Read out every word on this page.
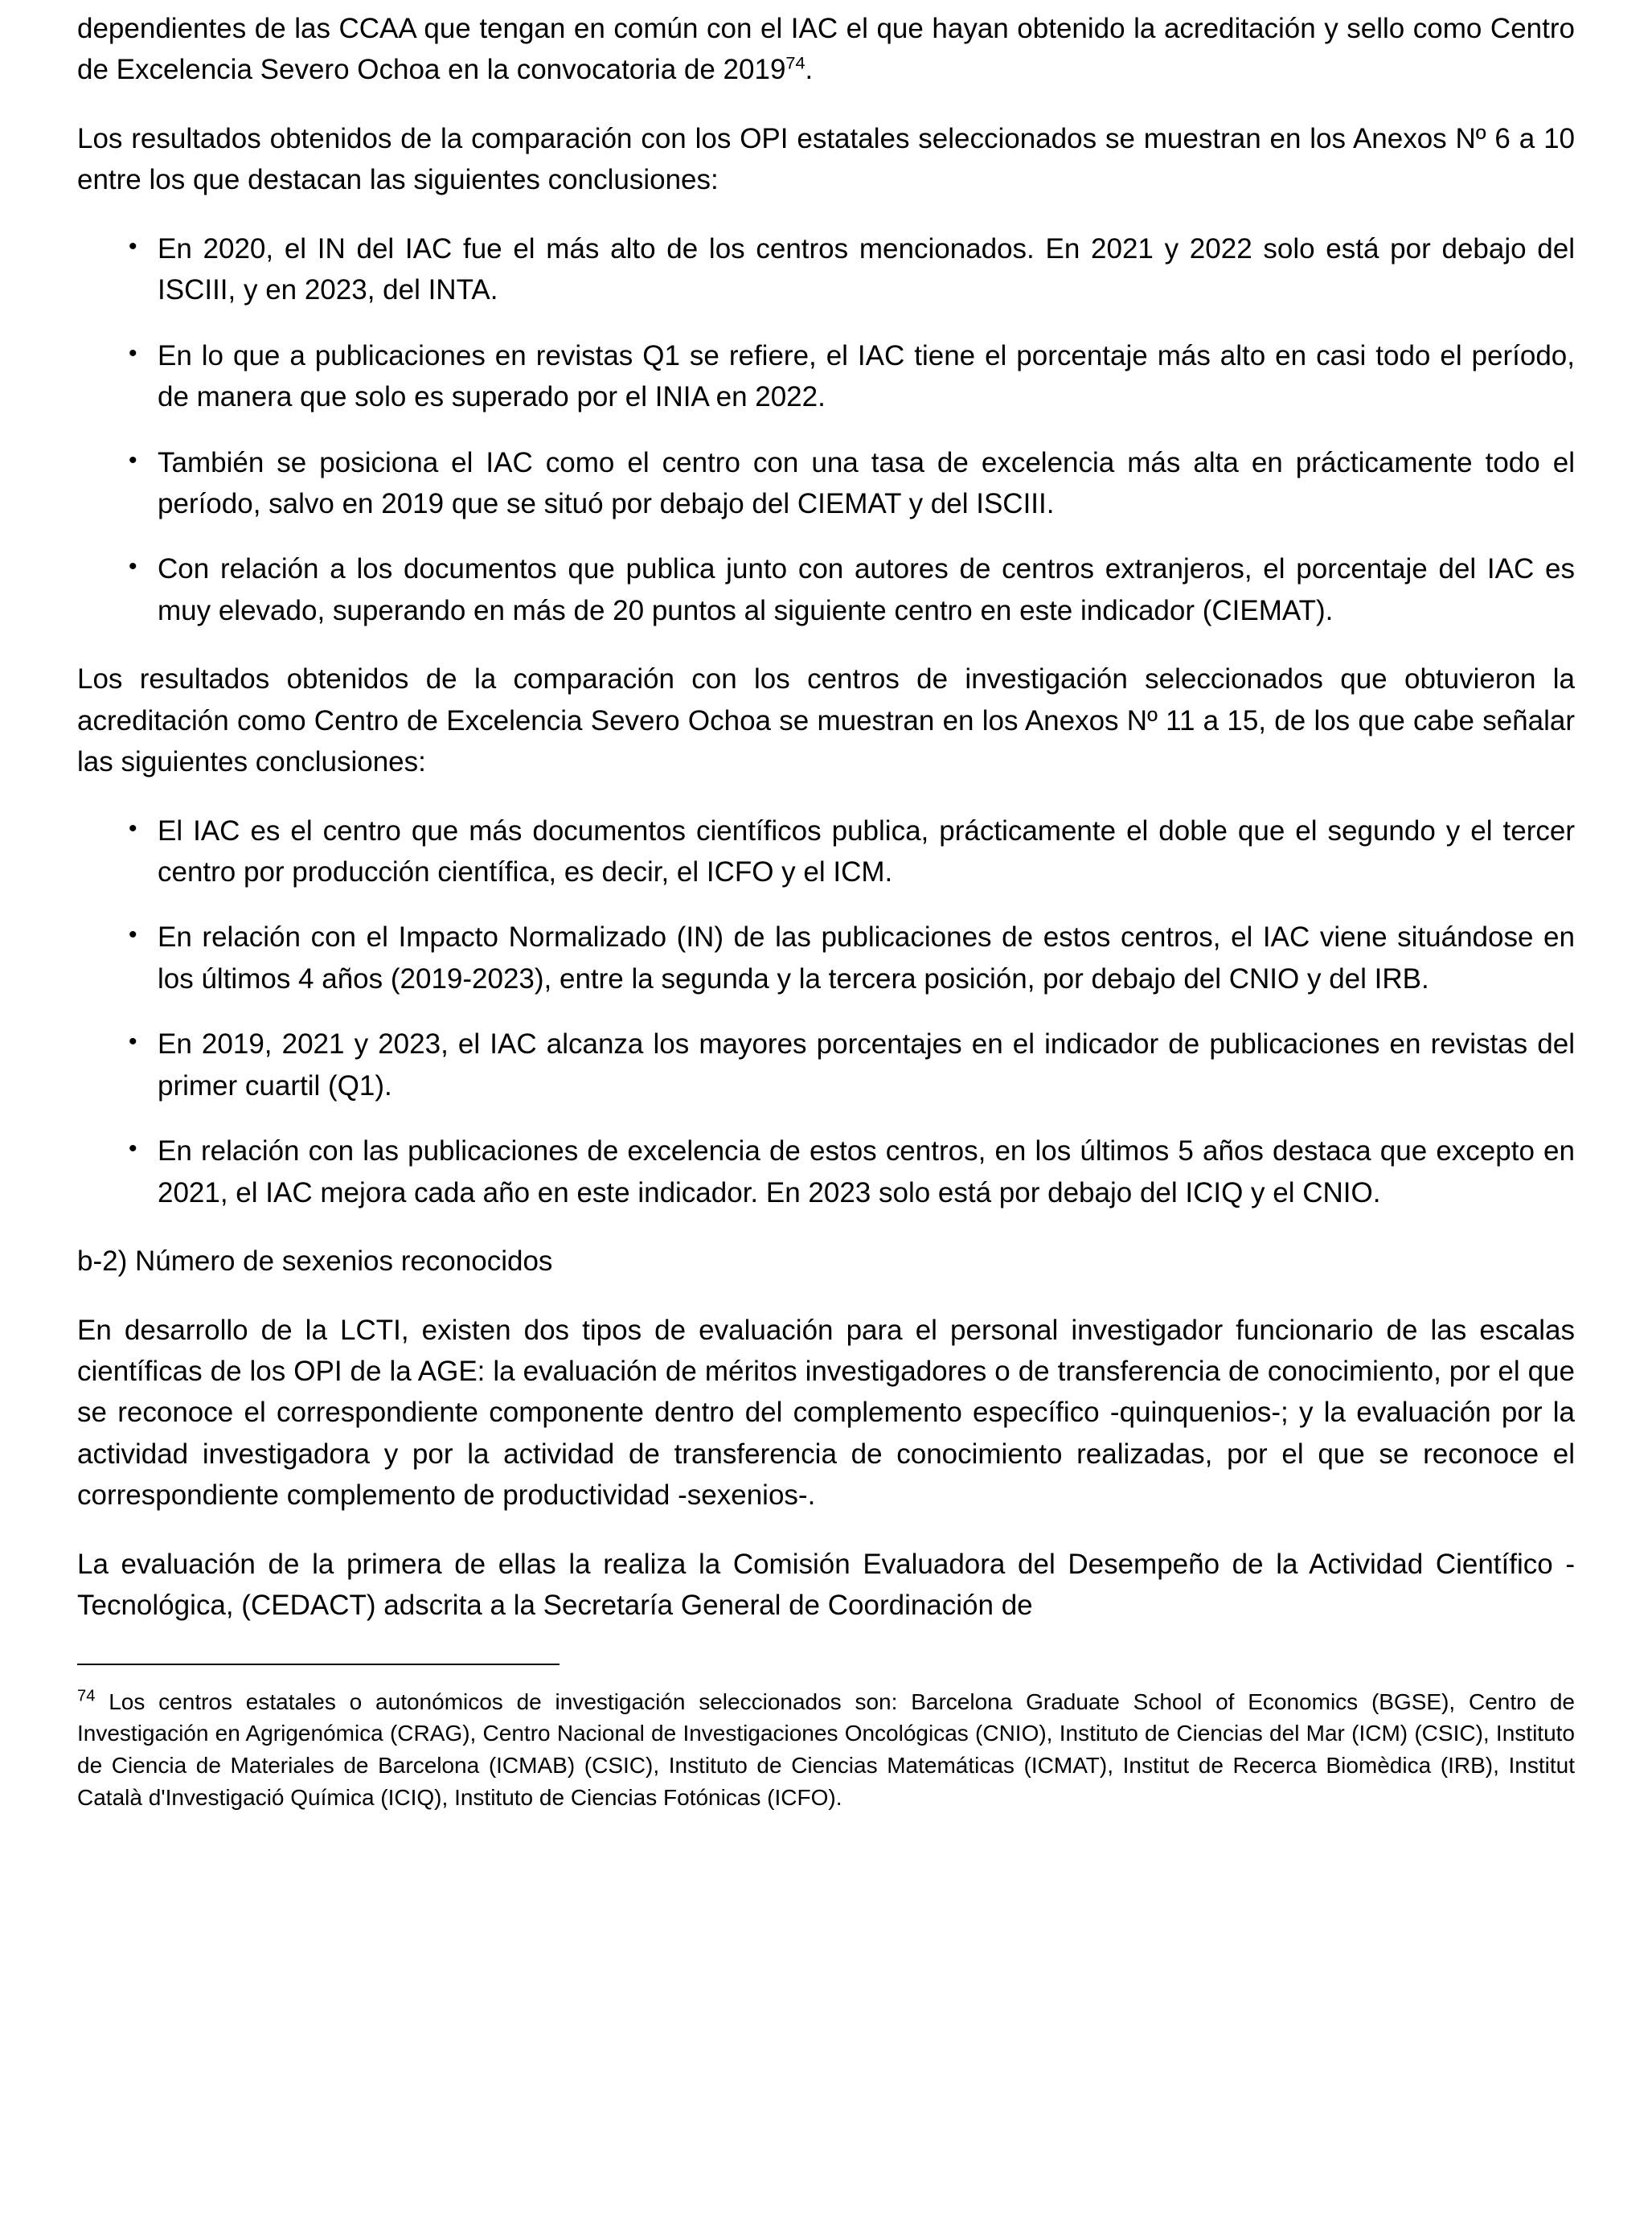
dependientes de las CCAA que tengan en común con el IAC el que hayan obtenido la acreditación y sello como Centro de Excelencia Severo Ochoa en la convocatoria de 2019$^{74}$.

Los resultados obtenidos de la comparación con los OPI estatales seleccionados se muestran en los Anexos Nº 6 a 10 entre los que destacan las siguientes conclusiones:

• En 2020, el IN del IAC fue el más alto de los centros mencionados. En 2021 y 2022 solo está por debajo del ISCIII, y en 2023, del INTA.
• En lo que a publicaciones en revistas Q1 se refiere, el IAC tiene el porcentaje más alto en casi todo el período, de manera que solo es superado por el INIA en 2022.
• También se posiciona el IAC como el centro con una tasa de excelencia más alta en prácticamente todo el período, salvo en 2019 que se situó por debajo del CIEMAT y del ISCIII.
• Con relación a los documentos que publica junto con autores de centros extranjeros, el porcentaje del IAC es muy elevado, superando en más de 20 puntos al siguiente centro en este indicador (CIEMAT).

Los resultados obtenidos de la comparación con los centros de investigación seleccionados que obtuvieron la acreditación como Centro de Excelencia Severo Ochoa se muestran en los Anexos Nº 11 a 15, de los que cabe señalar las siguientes conclusiones:

• El IAC es el centro que más documentos científicos publica, prácticamente el doble que el segundo y el tercer centro por producción científica, es decir, el ICFO y el ICM.
• En relación con el Impacto Normalizado (IN) de las publicaciones de estos centros, el IAC viene situándose en los últimos 4 años (2019-2023), entre la segunda y la tercera posición, por debajo del CNIO y del IRB.
• En 2019, 2021 y 2023, el IAC alcanza los mayores porcentajes en el indicador de publicaciones en revistas del primer cuartil (Q1).
• En relación con las publicaciones de excelencia de estos centros, en los últimos 5 años destaca que excepto en 2021, el IAC mejora cada año en este indicador. En 2023 solo está por debajo del ICIQ y el CNIO.

b-2) Número de sexenios reconocidos

En desarrollo de la LCTI, existen dos tipos de evaluación para el personal investigador funcionario de las escalas científicas de los OPI de la AGE: la evaluación de méritos investigadores o de transferencia de conocimiento, por el que se reconoce el correspondiente componente dentro del complemento específico -quinquenios-; y la evaluación por la actividad investigadora y por la actividad de transferencia de conocimiento realizadas, por el que se reconoce el correspondiente complemento de productividad -sexenios-.

La evaluación de la primera de ellas la realiza la Comisión Evaluadora del Desempeño de la Actividad Científico -Tecnológica, (CEDACT) adscrita a la Secretaría General de Coordinación de

$^{74}$ Los centros estatales o autonómicos de investigación seleccionados son: Barcelona Graduate School of Economics (BGSE), Centro de Investigación en Agrigenómica (CRAG), Centro Nacional de Investigaciones Oncológicas (CNIO), Instituto de Ciencias del Mar (ICM) (CSIC), Instituto de Ciencia de Materiales de Barcelona (ICMAB) (CSIC), Instituto de Ciencias Matemáticas (ICMAT), Institut de Recerca Biomèdica (IRB), Institut Català d'Investigació Química (ICIQ), Instituto de Ciencias Fotónicas (ICFO).
